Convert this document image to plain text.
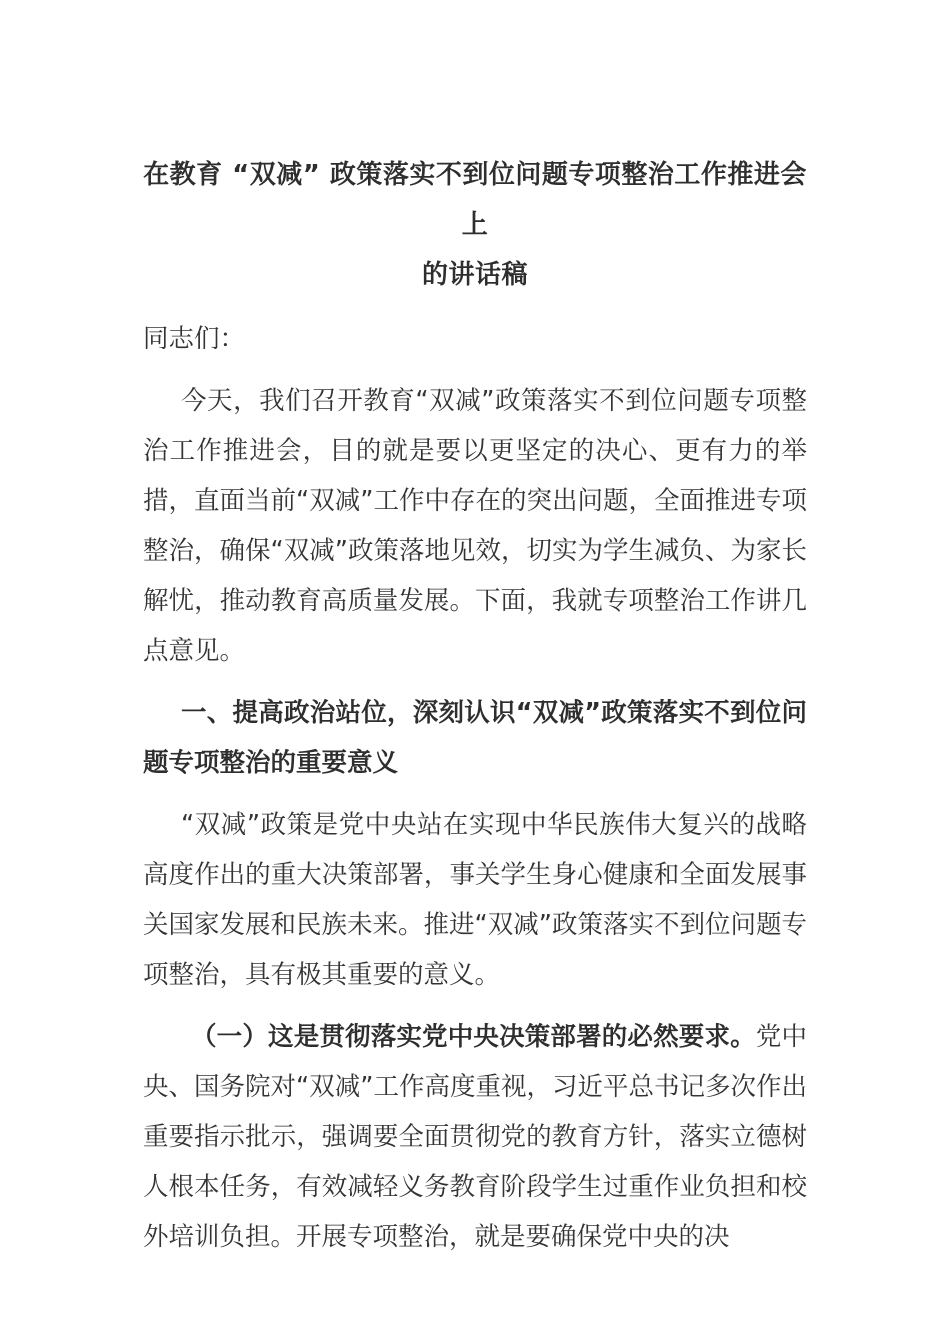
在教育 “双减” 政策落实不到位问题专项整治工作推进会上
的讲话稿

同志们：

今天，我们召开教育“双减”政策落实不到位问题专项整治工作推进会，目的就是要以更坚定的决心、更有力的举措，直面当前“双减”工作中存在的突出问题，全面推进专项整治，确保“双减”政策落地见效，切实为学生减负、为家长解忧，推动教育高质量发展。下面，我就专项整治工作讲几点意见。

一、提高政治站位，深刻认识“双减”政策落实不到位问题专项整治的重要意义

“双减”政策是党中央站在实现中华民族伟大复兴的战略高度作出的重大决策部署，事关学生身心健康和全面发展事关国家发展和民族未来。推进“双减”政策落实不到位问题专项整治，具有极其重要的意义。

（一）这是贯彻落实党中央决策部署的必然要求。党中央、国务院对“双减”工作高度重视，习近平总书记多次作出重要指示批示，强调要全面贯彻党的教育方针，落实立德树人根本任务，有效减轻义务教育阶段学生过重作业负担和校外培训负担。开展专项整治，就是要确保党中央的决
